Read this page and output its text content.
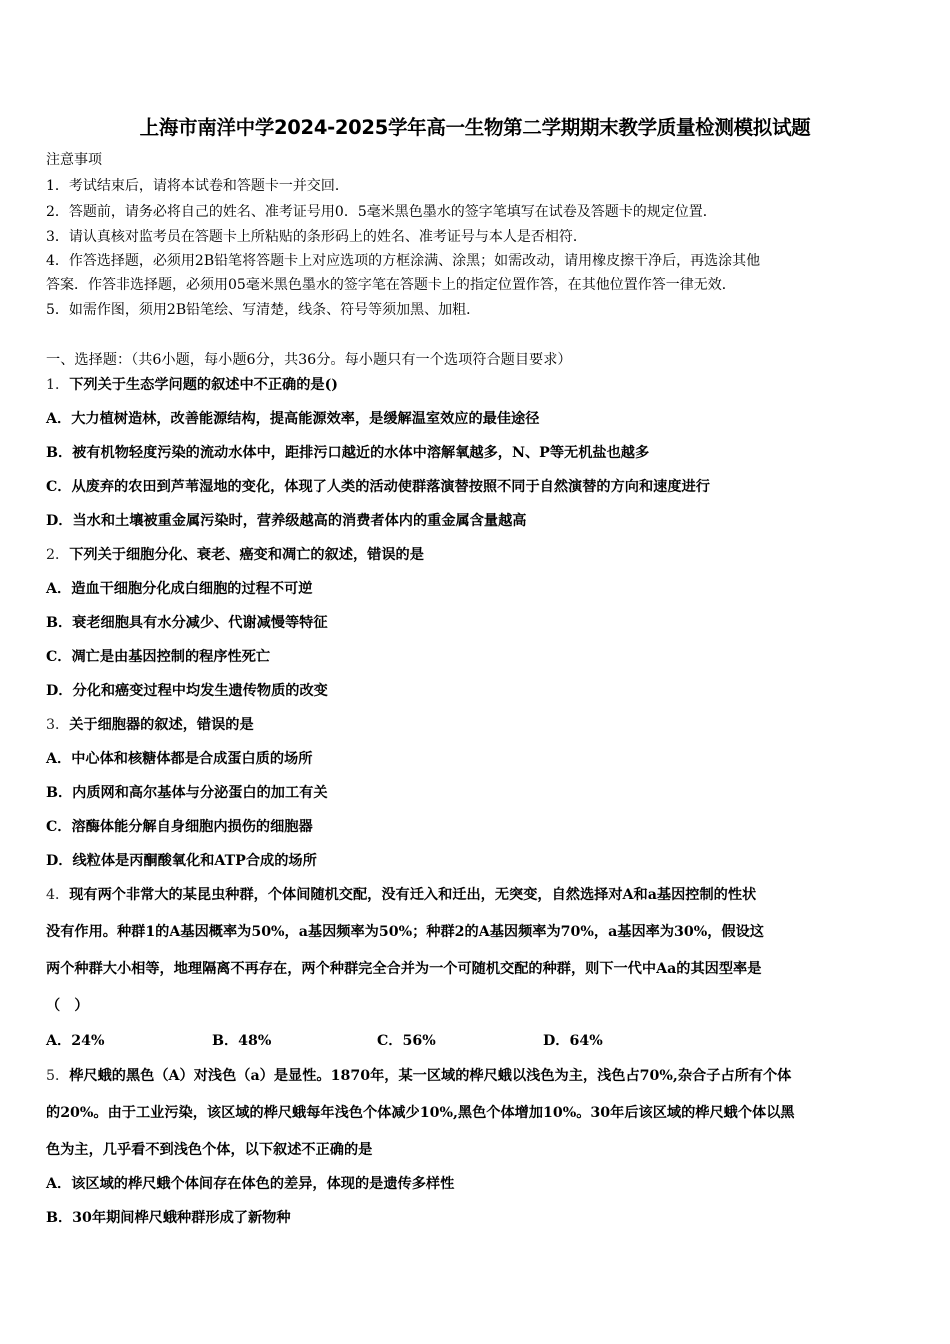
上海市南洋中学2024-2025学年高一生物第二学期期末教学质量检测模拟试题
注意事项
1．考试结束后，请将本试卷和答题卡一并交回．
2．答题前，请务必将自己的姓名、准考证号用0．5毫米黑色墨水的签字笔填写在试卷及答题卡的规定位置．
3．请认真核对监考员在答题卡上所粘贴的条形码上的姓名、准考证号与本人是否相符．
4．作答选择题，必须用2B铅笔将答题卡上对应选项的方框涂满、涂黑；如需改动，请用橡皮擦干净后，再选涂其他
答案．作答非选择题，必须用05毫米黑色墨水的签字笔在答题卡上的指定位置作答，在其他位置作答一律无效．
5．如需作图，须用2B铅笔绘、写清楚，线条、符号等须加黑、加粗．
一、选择题：（共6小题，每小题6分，共36分。每小题只有一个选项符合题目要求）
1．下列关于生态学问题的叙述中不正确的是()
A．大力植树造林，改善能源结构，提高能源效率，是缓解温室效应的最佳途径
B．被有机物轻度污染的流动水体中，距排污口越近的水体中溶解氧越多，N、P等无机盐也越多
C．从废弃的农田到芦苇湿地的变化，体现了人类的活动使群落演替按照不同于自然演替的方向和速度进行
D．当水和土壤被重金属污染时，营养级越高的消费者体内的重金属含量越高
2．下列关于细胞分化、衰老、癌变和凋亡的叙述，错误的是
A．造血干细胞分化成白细胞的过程不可逆
B．衰老细胞具有水分减少、代谢减慢等特征
C．凋亡是由基因控制的程序性死亡
D．分化和癌变过程中均发生遗传物质的改变
3．关于细胞器的叙述，错误的是
A．中心体和核糖体都是合成蛋白质的场所
B．内质网和高尔基体与分泌蛋白的加工有关
C．溶酶体能分解自身细胞内损伤的细胞器
D．线粒体是丙酮酸氧化和ATP合成的场所
4．现有两个非常大的某昆虫种群，个体间随机交配，没有迁入和迁出，无突变，自然选择对A和a基因控制的性状
没有作用。种群1的A基因概率为50%，a基因频率为50%；种群2的A基因频率为70%，a基因率为30%，假设这
两个种群大小相等，地理隔离不再存在，两个种群完全合并为一个可随机交配的种群，则下一代中Aa的其因型率是
（　）
A．24%	B．48%	C．56%	D．64%
5．桦尺蛾的黑色（A）对浅色（a）是显性。1870年，某一区域的桦尺蛾以浅色为主，浅色占70%,杂合子占所有个体
的20%。由于工业污染，该区域的桦尺蛾每年浅色个体减少10%,黑色个体增加10%。30年后该区域的桦尺蛾个体以黑
色为主，几乎看不到浅色个体，以下叙述不正确的是
A．该区域的桦尺蛾个体间存在体色的差异，体现的是遗传多样性
B．30年期间桦尺蛾种群形成了新物种
